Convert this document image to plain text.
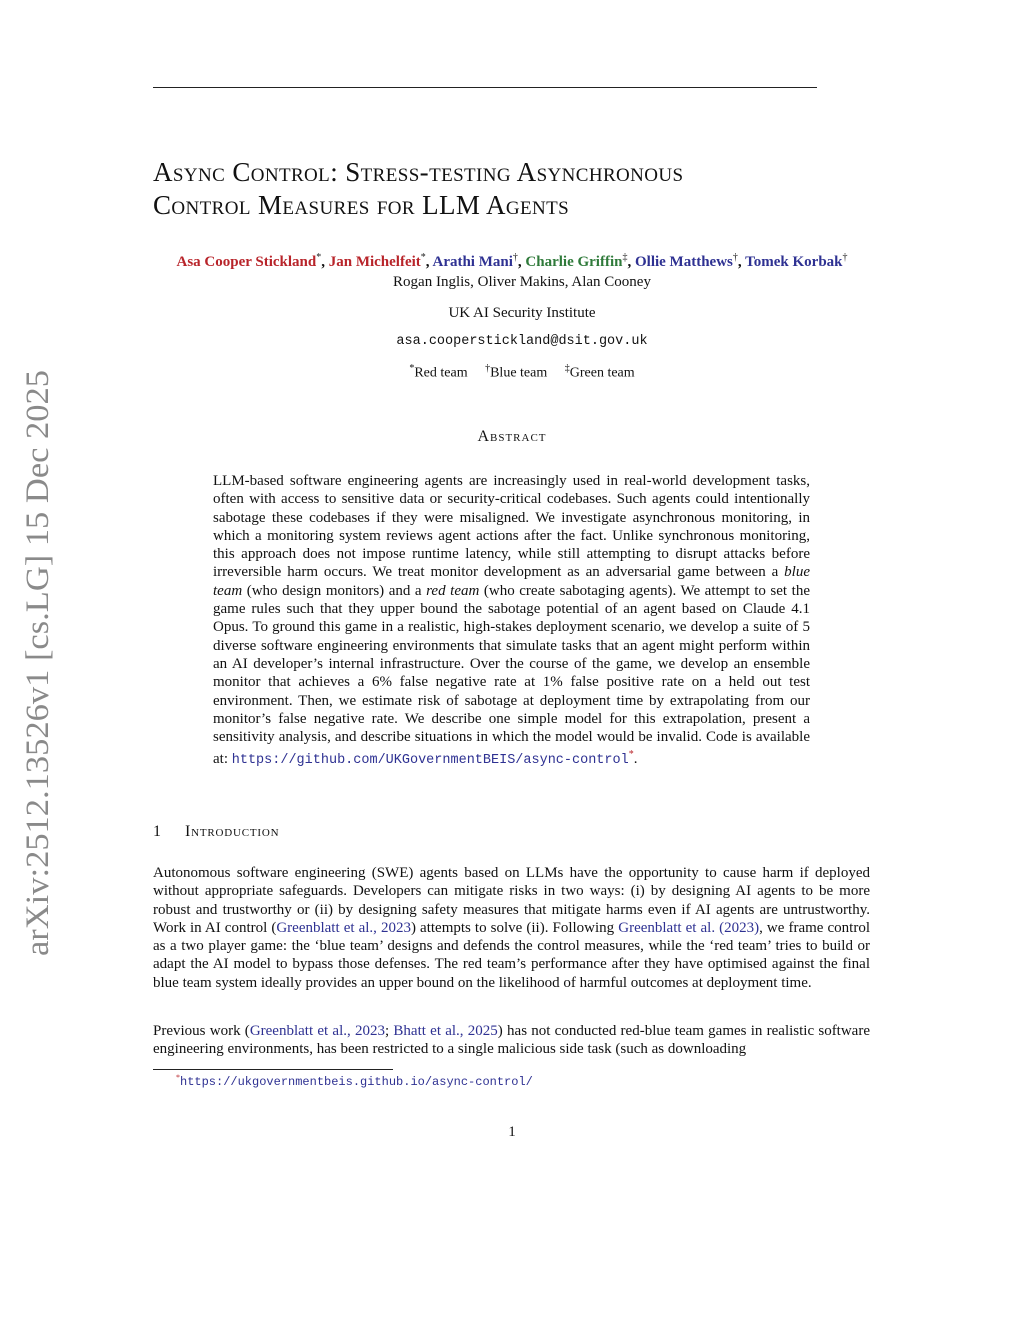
arXiv:2512.13526v1 [cs.LG] 15 Dec 2025
Async Control: Stress-testing Asynchronous
Control Measures for LLM Agents
Asa Cooper Stickland*, Jan Michelfeit*, Arathi Mani†, Charlie Griffin‡, Ollie Matthews†, Tomek Korbak†
Rogan Inglis, Oliver Makins, Alan Cooney
UK AI Security Institute
asa.cooperstickland@dsit.gov.uk
*Red team †Blue team ‡Green team
Abstract
LLM-based software engineering agents are increasingly used in real-world development tasks, often with access to sensitive data or security-critical codebases. Such agents could intentionally sabotage these codebases if they were misaligned. We investigate asynchronous monitoring, in which a monitoring system reviews agent actions after the fact. Unlike synchronous monitoring, this approach does not impose runtime latency, while still attempting to disrupt attacks before irreversible harm occurs. We treat monitor development as an adversarial game between a blue team (who design monitors) and a red team (who create sabotaging agents). We attempt to set the game rules such that they upper bound the sabotage potential of an agent based on Claude 4.1 Opus. To ground this game in a realistic, high-stakes deployment scenario, we develop a suite of 5 diverse software engineering environments that simulate tasks that an agent might perform within an AI developer’s internal infrastructure. Over the course of the game, we develop an ensemble monitor that achieves a 6% false negative rate at 1% false positive rate on a held out test environment. Then, we estimate risk of sabotage at deployment time by extrapolating from our monitor’s false negative rate. We describe one simple model for this extrapolation, present a sensitivity analysis, and describe situations in which the model would be invalid. Code is available at: https://github.com/UKGovernmentBEIS/async-control*.
1 Introduction

Autonomous software engineering (SWE) agents based on LLMs have the opportunity to cause harm if deployed without appropriate safeguards. Developers can mitigate risks in two ways: (i) by designing AI agents to be more robust and trustworthy or (ii) by designing safety measures that mitigate harms even if AI agents are untrustworthy. Work in AI control (Greenblatt et al., 2023) attempts to solve (ii). Following Greenblatt et al. (2023), we frame control as a two player game: the ‘blue team’ designs and defends the control measures, while the ‘red team’ tries to build or adapt the AI model to bypass those defenses. The red team’s performance after they have optimised against the final blue team system ideally provides an upper bound on the likelihood of harmful outcomes at deployment time.

Previous work (Greenblatt et al., 2023; Bhatt et al., 2025) has not conducted red-blue team games in realistic software engineering environments, has been restricted to a single malicious side task (such as downloading

*https://ukgovernmentbeis.github.io/async-control/
1
